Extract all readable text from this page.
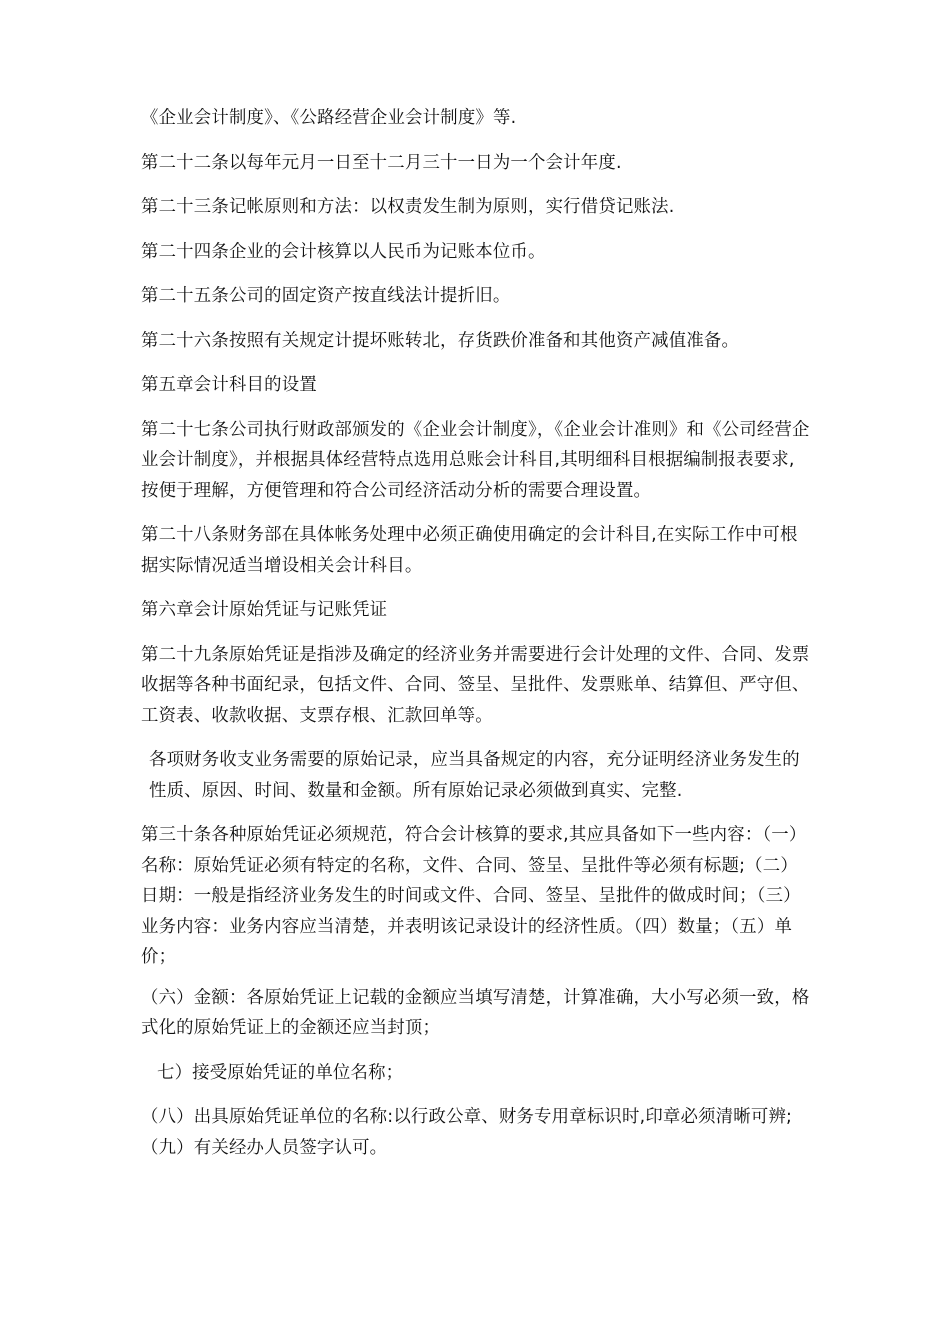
《企业会计制度》、《公路经营企业会计制度》等.

第二十二条以每年元月一日至十二月三十一日为一个会计年度.

第二十三条记帐原则和方法：以权责发生制为原则，实行借贷记账法.

第二十四条企业的会计核算以人民币为记账本位币。

第二十五条公司的固定资产按直线法计提折旧。

第二十六条按照有关规定计提坏账转北，存货跌价准备和其他资产减值准备。

第五章会计科目的设置

第二十七条公司执行财政部颁发的《企业会计制度》，《企业会计准则》和《公司经营企业会计制度》，并根据具体经营特点选用总账会计科目,其明细科目根据编制报表要求,按便于理解，方便管理和符合公司经济活动分析的需要合理设置。

第二十八条财务部在具体帐务处理中必须正确使用确定的会计科目,在实际工作中可根据实际情况适当增设相关会计科目。

第六章会计原始凭证与记账凭证

第二十九条原始凭证是指涉及确定的经济业务并需要进行会计处理的文件、合同、发票收据等各种书面纪录，包括文件、合同、签呈、呈批件、发票账单、结算但、严守但、工资表、收款收据、支票存根、汇款回单等。

各项财务收支业务需要的原始记录，应当具备规定的内容，充分证明经济业务发生的性质、原因、时间、数量和金额。所有原始记录必须做到真实、完整.

第三十条各种原始凭证必须规范，符合会计核算的要求,其应具备如下一些内容：（一）名称：原始凭证必须有特定的名称，文件、合同、签呈、呈批件等必须有标题;（二）日期：一般是指经济业务发生的时间或文件、合同、签呈、呈批件的做成时间；（三）业务内容：业务内容应当清楚，并表明该记录设计的经济性质。（四）数量；（五）单价；

（六）金额：各原始凭证上记载的金额应当填写清楚，计算准确，大小写必须一致，格式化的原始凭证上的金额还应当封顶；

七）接受原始凭证的单位名称；

（八）出具原始凭证单位的名称:以行政公章、财务专用章标识时,印章必须清晰可辨;（九）有关经办人员签字认可。
